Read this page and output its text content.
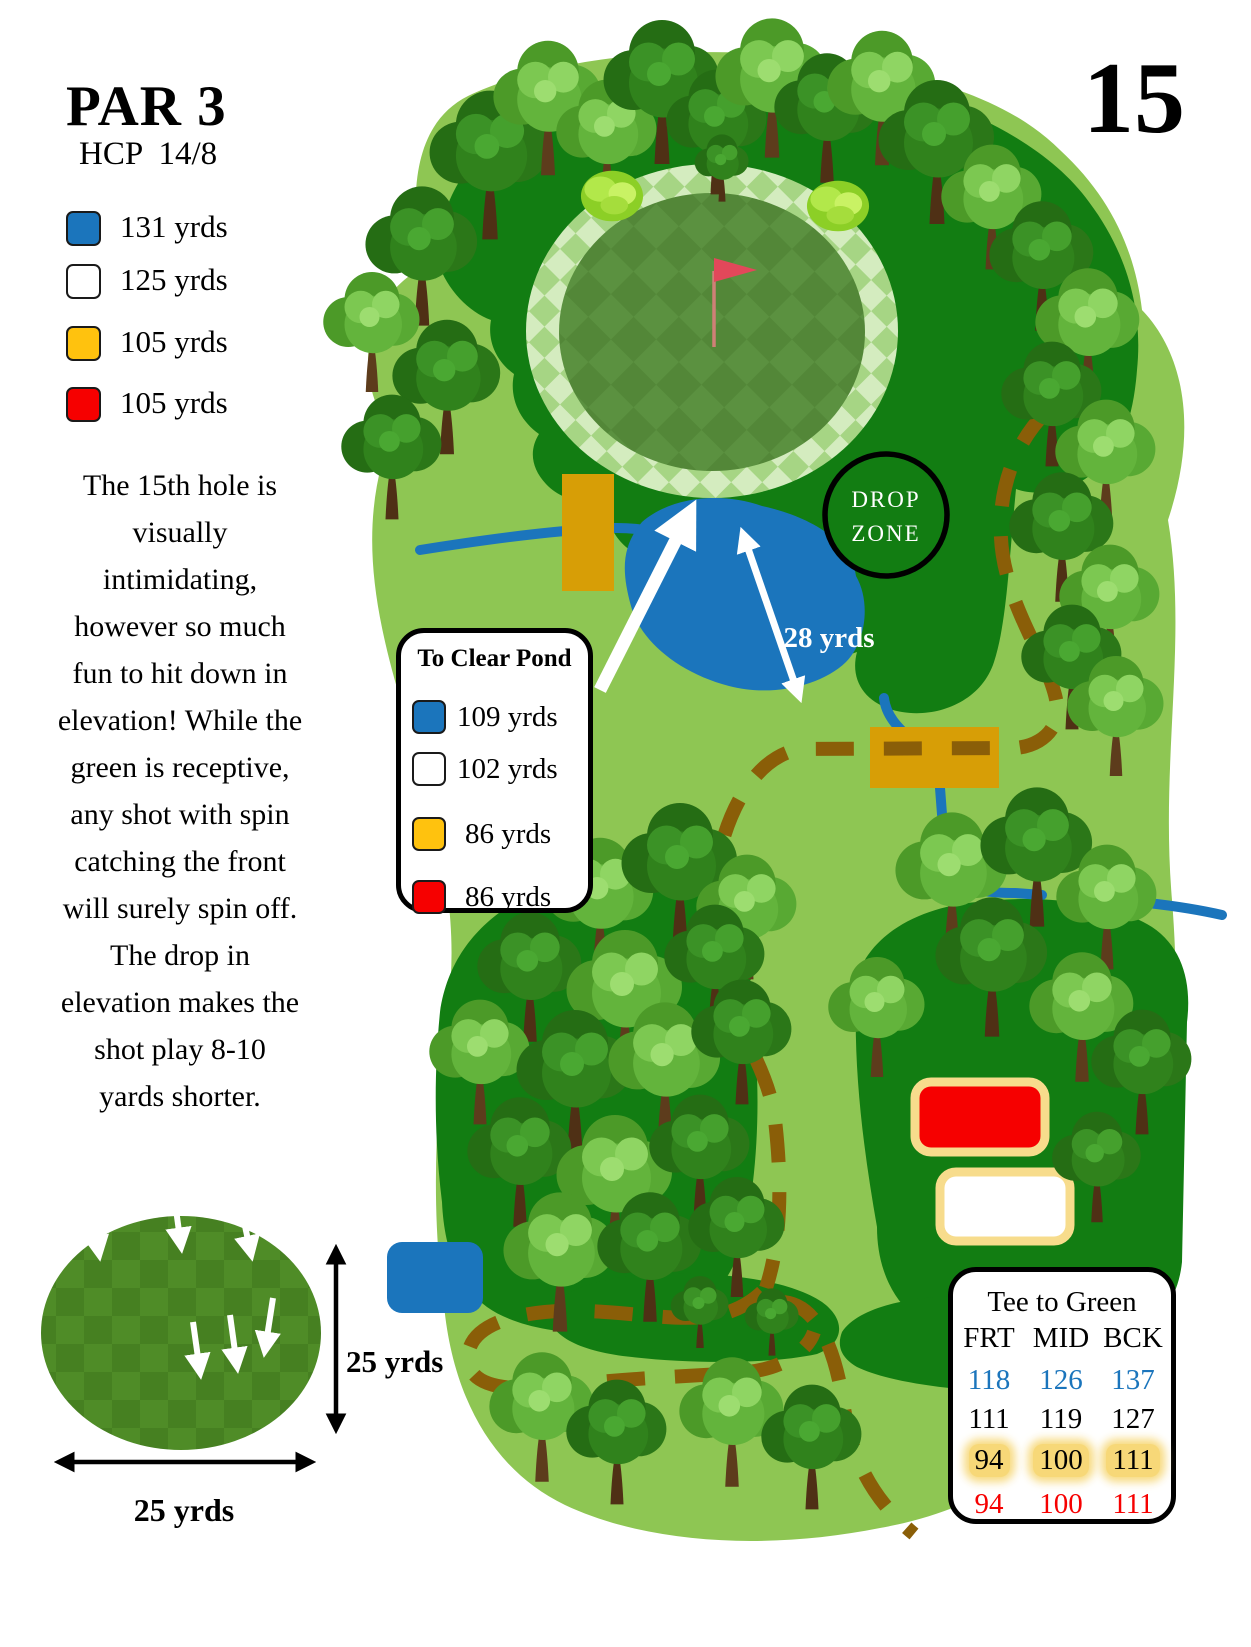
DROP
ZONE
28 yrds
25 yrds
25 yrds
PAR 3
HCP  14/8
131 yrds
125 yrds
105 yrds
105 yrds
The 15th hole is
visually
intimidating,
however so much
fun to hit down in
elevation! While the
green is receptive,
any shot with spin
catching the front
will surely spin off.
The drop in
elevation makes the
shot play 8-10
yards shorter.
15
To Clear Pond
109 yrds
102 yrds
86 yrds
86 yrds
Tee to Green
FRT MID BCK
118	126 137
111	119	127
94	100	111
94	100	111
